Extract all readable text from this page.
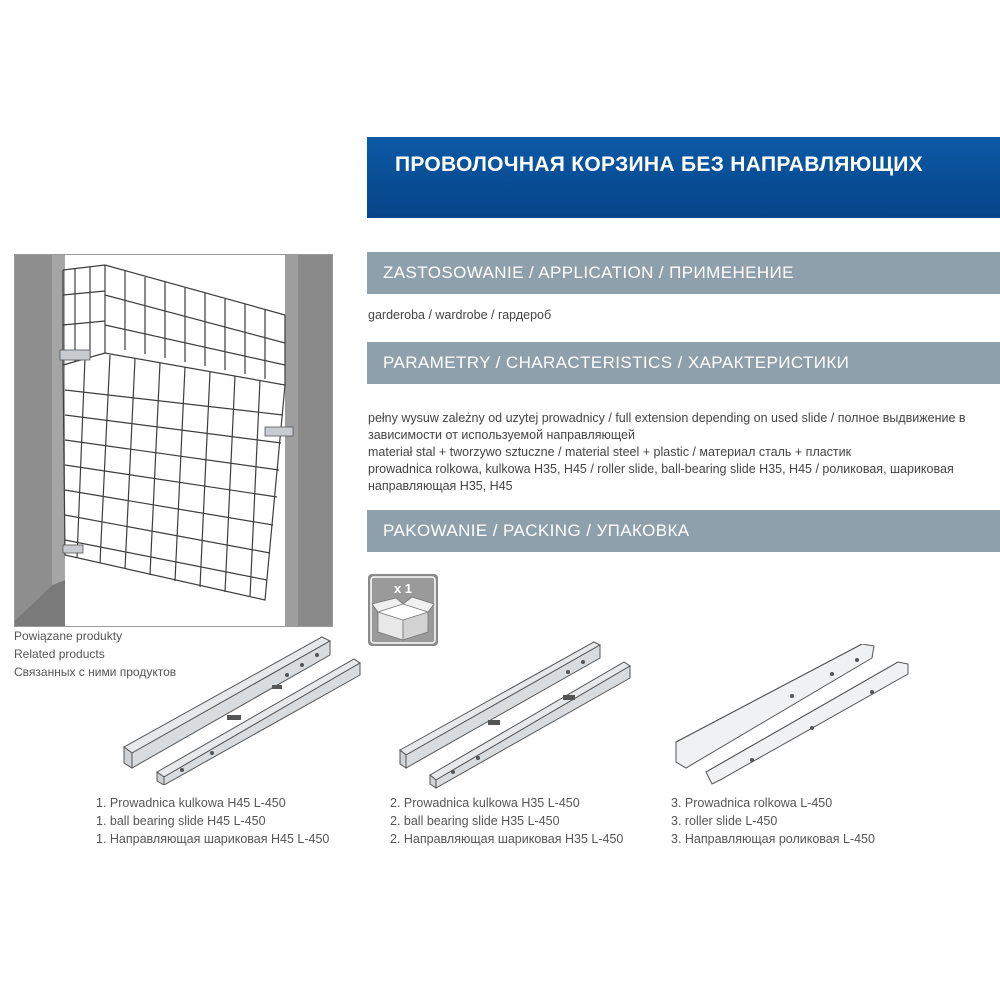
ПРОВОЛОЧНАЯ КОРЗИНА БЕЗ НАПРАВЛЯЮЩИХ
ZASTOSOWANIE / APPLICATION / ПРИМЕНЕНИЕ
garderoba / wardrobe / гардероб
PARAMETRY / CHARACTERISTICS / ХАРАКТЕРИСТИКИ
pełny wysuw zależny od uzytej prowadnicy / full extension depending on used slide / полное выдвижение в зависимости от используемой направляющей
materiał stal + tworzywo sztuczne / material steel + plastic / материал сталь + пластик
prowadnica rolkowa, kulkowa H35, H45 / roller slide, ball-bearing slide H35, H45 / роликовая, шариковая направляющая H35, H45
PAKOWANIE / PACKING / УПАКОВКА
x 1
Powiązane produkty
Related products
Связанных с ними продуктов
1. Prowadnica kulkowa H45 L-450
1. ball bearing slide H45 L-450
1. Направляющая шариковая H45 L-450
2. Prowadnica kulkowa H35 L-450
2. ball bearing slide H35 L-450
2. Направляющая шариковая H35 L-450
3. Prowadnica rolkowa L-450
3. roller slide L-450
3. Направляющая роликовая L-450
